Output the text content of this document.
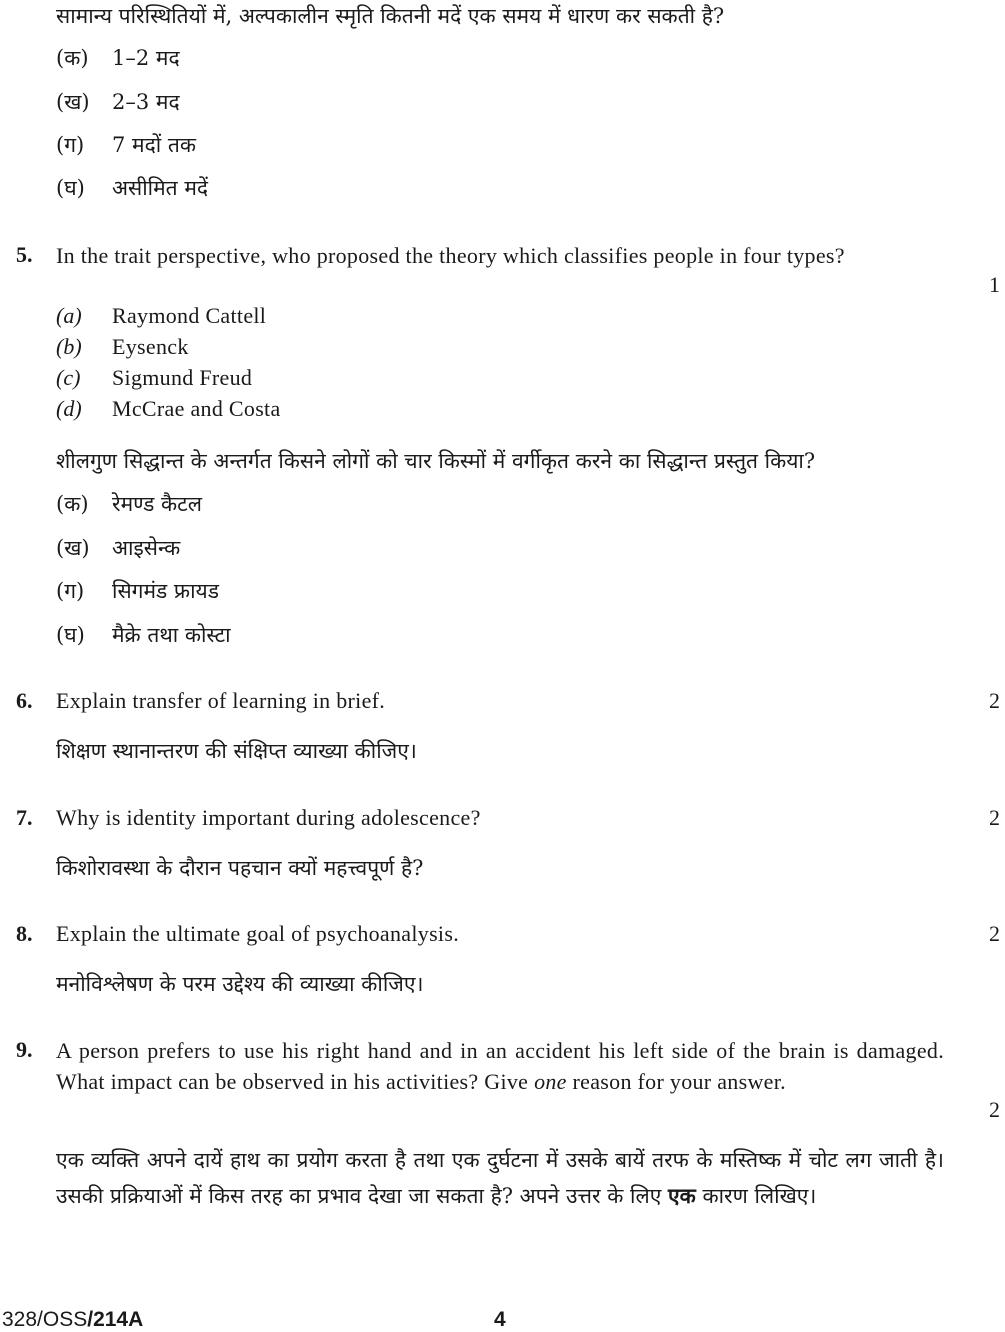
सामान्य परिस्थितियों में, अल्पकालीन स्मृति कितनी मदें एक समय में धारण कर सकती है?
(क) 1–2 मद
(ख) 2–3 मद
(ग) 7 मदों तक
(घ) असीमित मदें
5. In the trait perspective, who proposed the theory which classifies people in four types?
1
(a) Raymond Cattell
(b) Eysenck
(c) Sigmund Freud
(d) McCrae and Costa
शीलगुण सिद्धान्त के अन्तर्गत किसने लोगों को चार किस्मों में वर्गीकृत करने का सिद्धान्त प्रस्तुत किया?
(क) रेमण्ड कैटल
(ख) आइसेन्क
(ग) सिगमंड फ्रायड
(घ) मैक्रे तथा कोस्टा
6. Explain transfer of learning in brief.	2
शिक्षण स्थानान्तरण की संक्षिप्त व्याख्या कीजिए।
7. Why is identity important during adolescence?	2
किशोरावस्था के दौरान पहचान क्यों महत्त्वपूर्ण है?
8. Explain the ultimate goal of psychoanalysis.	2
मनोविश्लेषण के परम उद्देश्य की व्याख्या कीजिए।
9. A person prefers to use his right hand and in an accident his left side of the brain is damaged. What impact can be observed in his activities? Give one reason for your answer.
2
एक व्यक्ति अपने दायें हाथ का प्रयोग करता है तथा एक दुर्घटना में उसके बायें तरफ के मस्तिष्क में चोट लग जाती है। उसकी प्रक्रियाओं में किस तरह का प्रभाव देखा जा सकता है? अपने उत्तर के लिए एक कारण लिखिए।
328/OSS/214A	4
